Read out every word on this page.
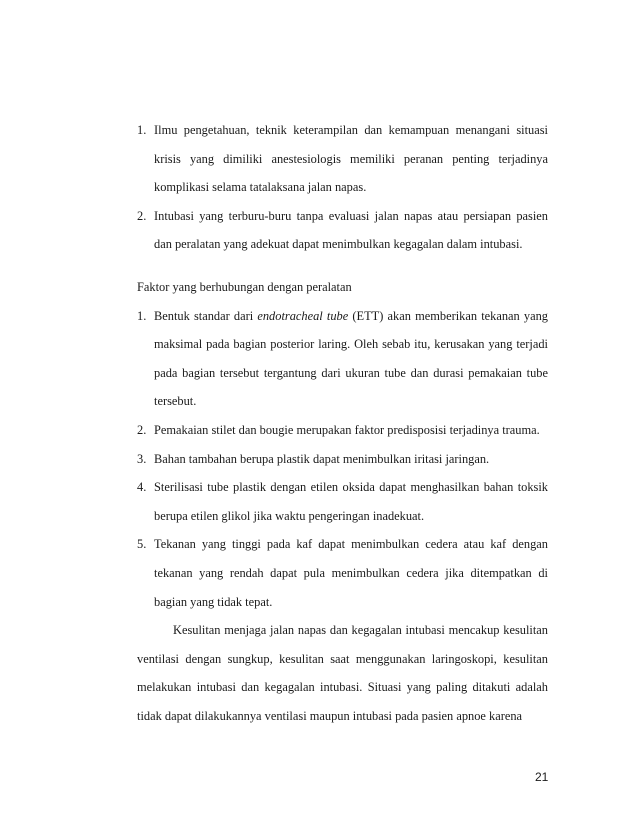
1. Ilmu pengetahuan, teknik keterampilan dan kemampuan menangani situasi krisis yang dimiliki anestesiologis memiliki peranan penting terjadinya komplikasi selama tatalaksana jalan napas.

2. Intubasi yang terburu-buru tanpa evaluasi jalan napas atau persiapan pasien dan peralatan yang adekuat dapat menimbulkan kegagalan dalam intubasi.

Faktor yang berhubungan dengan peralatan

1. Bentuk standar dari endotracheal tube (ETT) akan memberikan tekanan yang maksimal pada bagian posterior laring. Oleh sebab itu, kerusakan yang terjadi pada bagian tersebut tergantung dari ukuran tube dan durasi pemakaian tube tersebut.

2. Pemakaian stilet dan bougie merupakan faktor predisposisi terjadinya trauma.

3. Bahan tambahan berupa plastik dapat menimbulkan iritasi jaringan.

4. Sterilisasi tube plastik dengan etilen oksida dapat menghasilkan bahan toksik berupa etilen glikol jika waktu pengeringan inadekuat.

5. Tekanan yang tinggi pada kaf dapat menimbulkan cedera atau kaf dengan tekanan yang rendah dapat pula menimbulkan cedera jika ditempatkan di bagian yang tidak tepat.

Kesulitan menjaga jalan napas dan kegagalan intubasi mencakup kesulitan ventilasi dengan sungkup, kesulitan saat menggunakan laringoskopi, kesulitan melakukan intubasi dan kegagalan intubasi. Situasi yang paling ditakuti adalah tidak dapat dilakukannya ventilasi maupun intubasi pada pasien apnoe karena

21
